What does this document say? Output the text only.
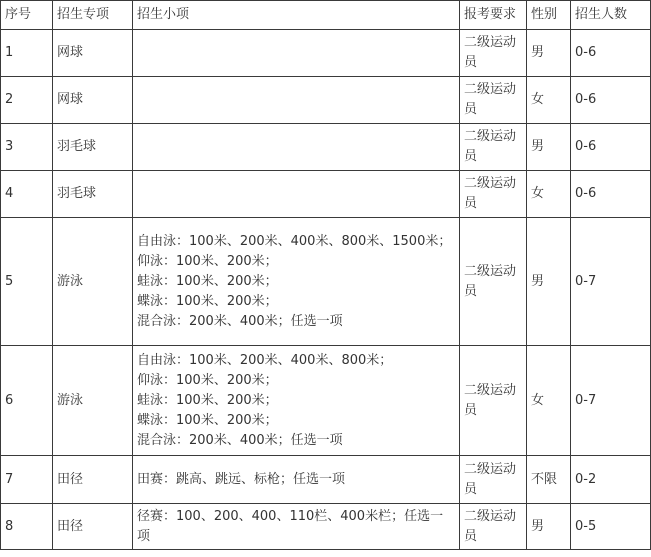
序号	招生专项	招生小项	报考要求	性别	招生人数
1	网球		二级运动员	男	0-6
2	网球		二级运动员	女	0-6
3	羽毛球		二级运动员	男	0-6
4	羽毛球		二级运动员	女	0-6
5	游泳	自由泳：100米、200米、400米、800米、1500米；
仰泳：100米、200米；
蛙泳：100米、200米；
蝶泳：100米、200米；
混合泳：200米、400米；任选一项	二级运动员	男	0-7
6	游泳	自由泳：100米、200米、400米、800米；
仰泳：100米、200米；
蛙泳：100米、200米；
蝶泳：100米、200米；
混合泳：200米、400米；任选一项	二级运动员	女	0-7
7	田径	田赛：跳高、跳远、标枪；任选一项	二级运动员	不限	0-2
8	田径	径赛：100、200、400、110栏、400米栏；任选一项	二级运动员	男	0-5
